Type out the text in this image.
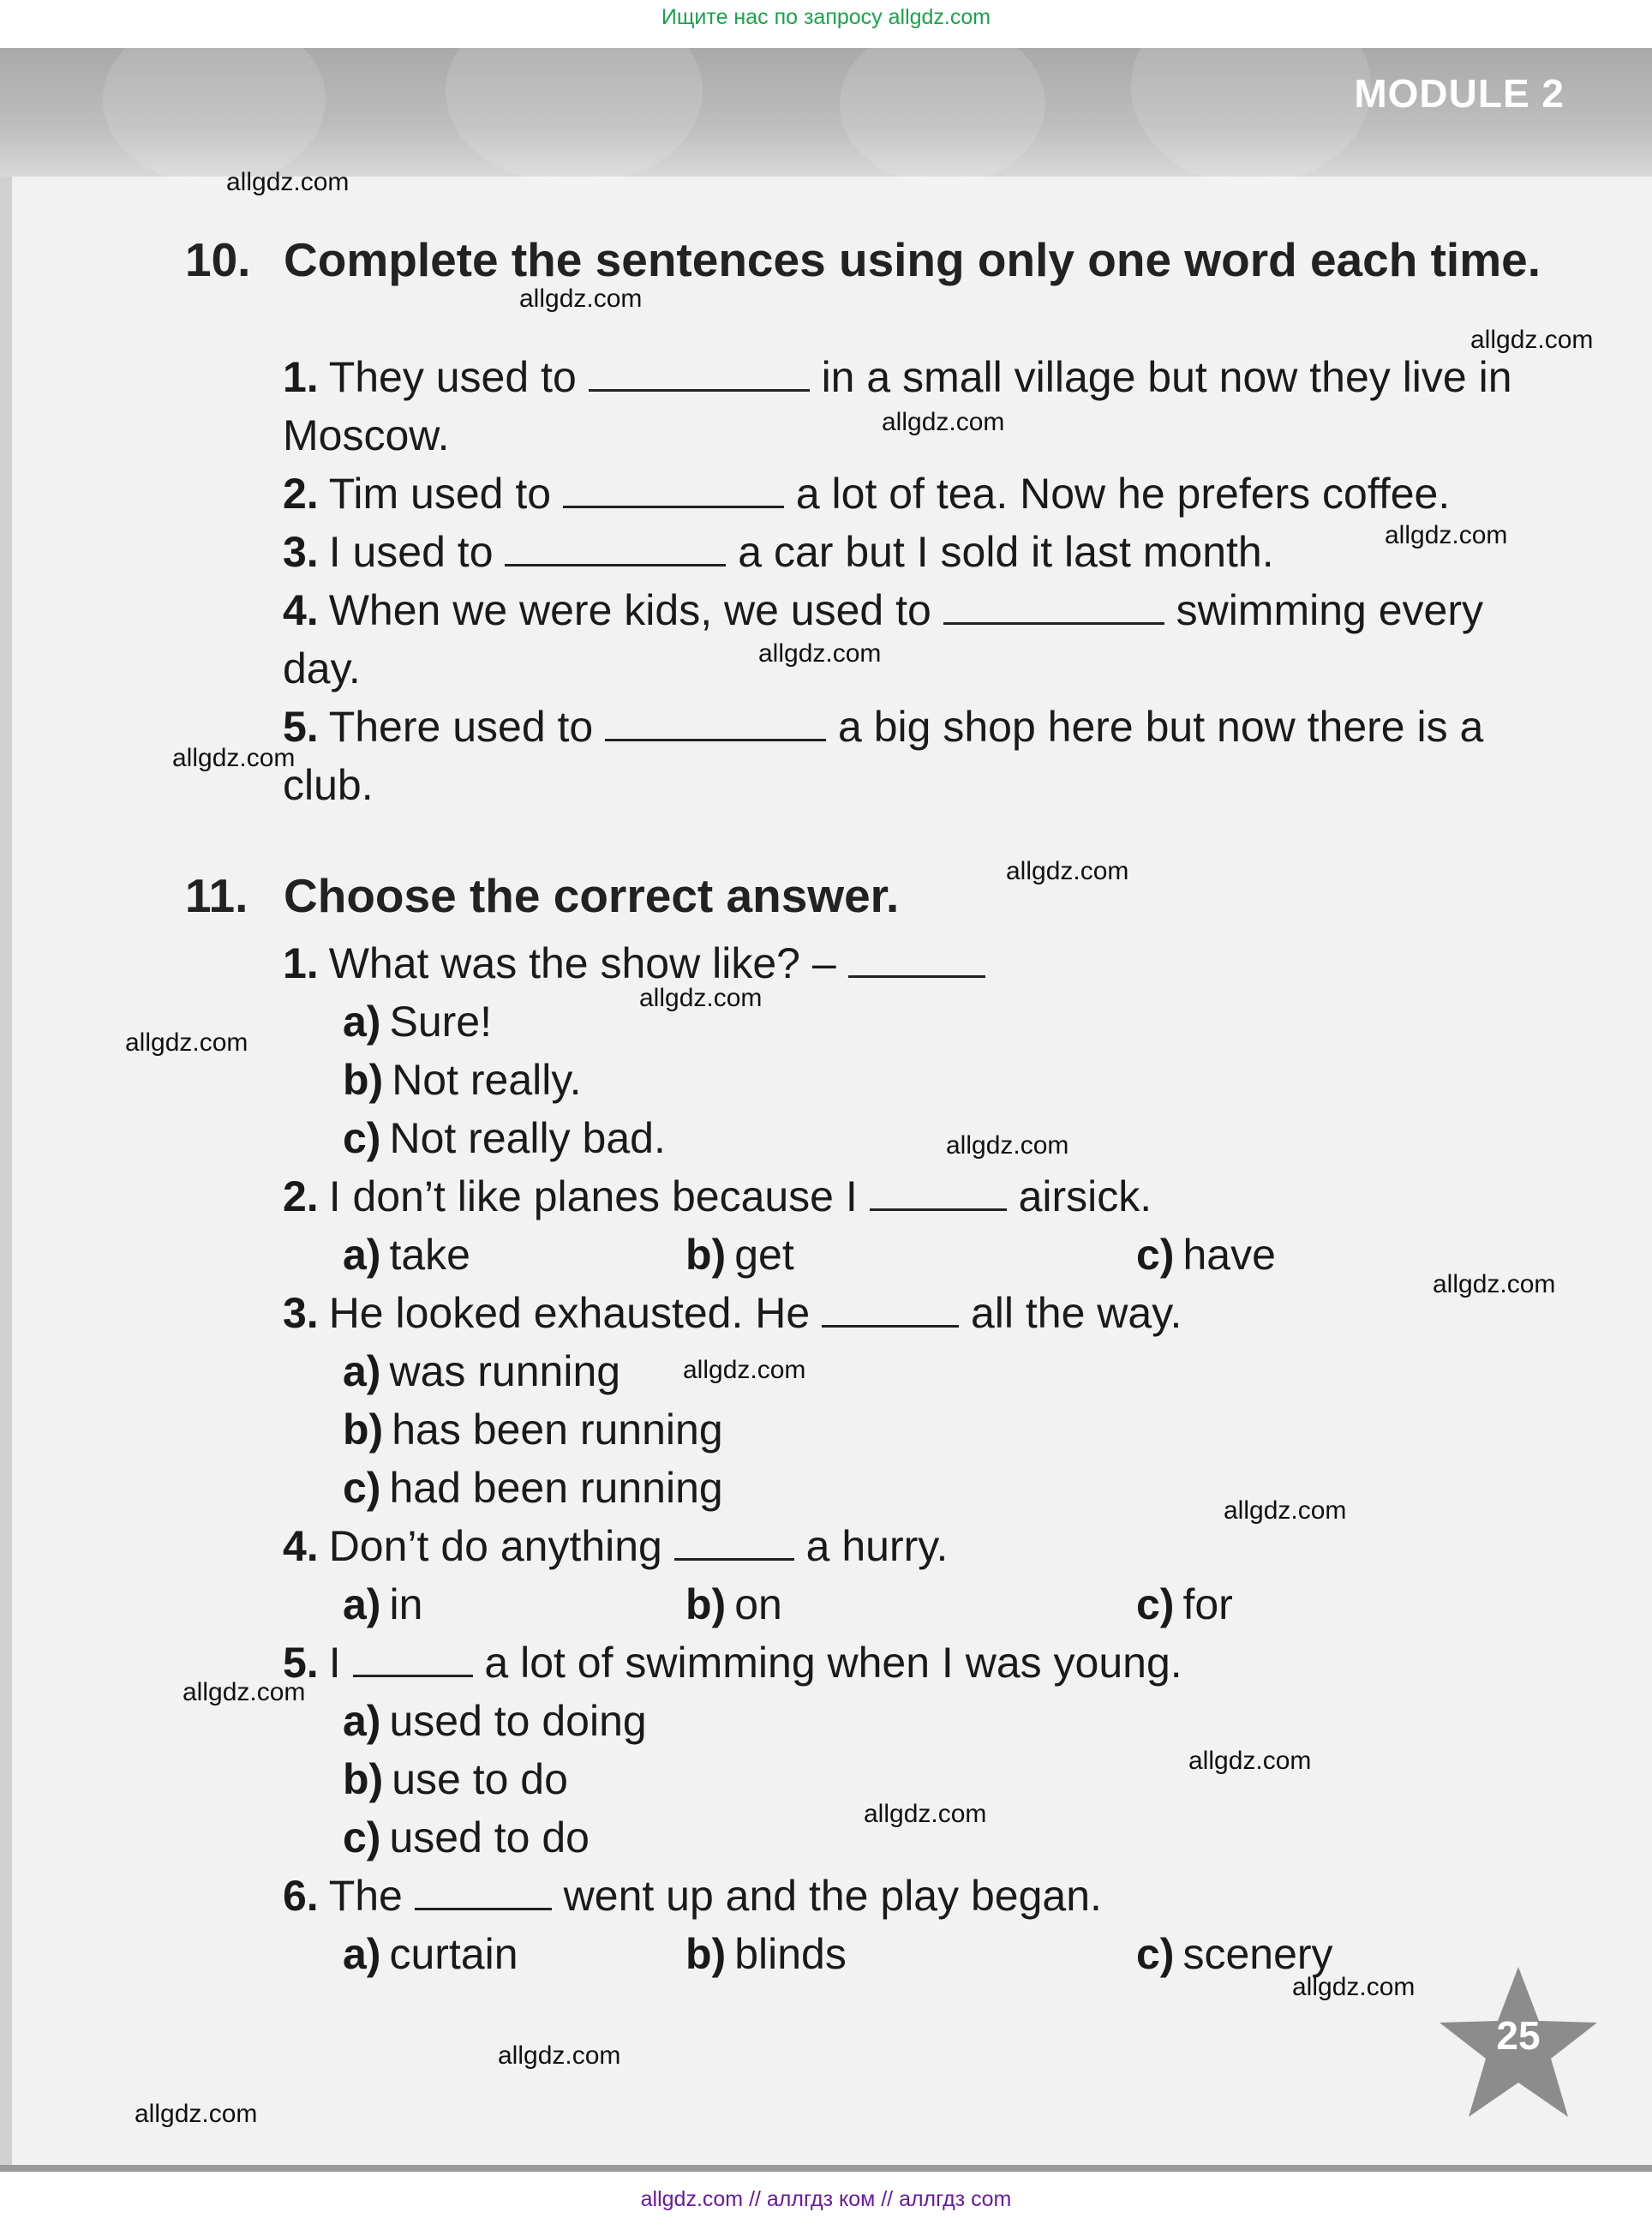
Ищите нас по запросу allgdz.com
MODULE 2
10. Complete the sentences using only one word each time.
1. They used to	in a small village but now they live in Moscow.
2. Tim used to	a lot of tea. Now he prefers coffee.
3. I used to	a car but I sold it last month.
4. When we were kids, we used to	swimming every day.
5. There used to	a big shop here but now there is a club.
11. Choose the correct answer.
1. What was the show like? –
a) Sure!
b) Not really.
c) Not really bad.
2. I don’t like planes because I	airsick.
a) take	b) get	c) have
3. He looked exhausted. He	all the way.
a) was running
b) has been running
c) had been running
4. Don’t do anything	a hurry.
a) in	b) on	c) for
5. I	a lot of swimming when I was young.
a) used to doing
b) use to do
c) used to do
6. The	went up and the play began.
a) curtain	b) blinds	c) scenery
25
allgdz.com
allgdz.com
allgdz.com
allgdz.com
allgdz.com
allgdz.com
allgdz.com
allgdz.com
allgdz.com
allgdz.com
allgdz.com
allgdz.com
allgdz.com
allgdz.com
allgdz.com
allgdz.com
allgdz.com
allgdz.com
allgdz.com
allgdz.com
allgdz.com // аллгдз ком // аллгдз com
